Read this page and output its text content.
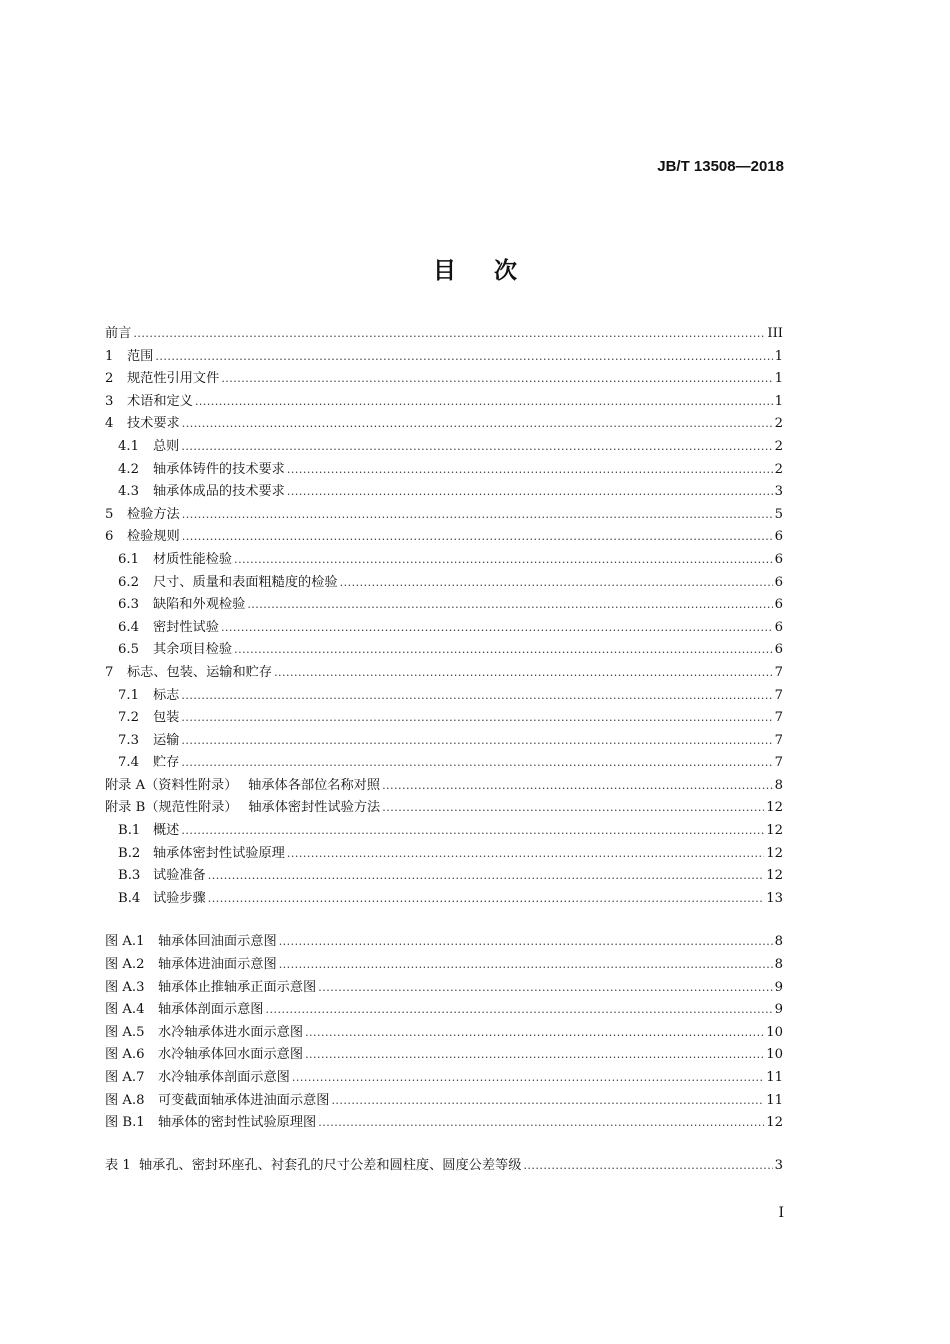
JB/T 13508—2018
目次
前言 .....	III
1	范围 .....	1
2	规范性引用文件 .....	1
3	术语和定义 .....	1
4	技术要求 .....	2
4.1	总则 .....	2
4.2	轴承体铸件的技术要求 .....	2
4.3	轴承体成品的技术要求 .....	3
5	检验方法 .....	5
6	检验规则 .....	6
6.1	材质性能检验 .....	6
6.2	尺寸、质量和表面粗糙度的检验 .....	6
6.3	缺陷和外观检验 .....	6
6.4	密封性试验 .....	6
6.5	其余项目检验 .....	6
7	标志、包装、运输和贮存 .....	7
7.1	标志 .....	7
7.2	包装 .....	7
7.3	运输 .....	7
7.4	贮存 .....	7
附录 A（资料性附录）　 轴承体各部位名称对照 .....	8
附录 B（规范性附录）　 轴承体密封性试验方法 .....	12
B.1 概述 .....	12
B.2 轴承体密封性试验原理 .....	12
B.3 试验准备 .....	12
B.4 试验步骤 .....	13
图 A.1	轴承体回油面示意图 .....	8
图 A.2	轴承体进油面示意图 .....	8
图 A.3	轴承体止推轴承正面示意图 .....	9
图 A.4	轴承体剖面示意图 .....	9
图 A.5	水冷轴承体进水面示意图 .....	10
图 A.6	水冷轴承体回水面示意图 .....	10
图 A.7	水冷轴承体剖面示意图 .....	11
图 A.8	可变截面轴承体进油面示意图 .....	11
图 B.1	轴承体的密封性试验原理图 .....	12
表 1 轴承孔、密封环座孔、衬套孔的尺寸公差和圆柱度、圆度公差等级 .....	3
I
